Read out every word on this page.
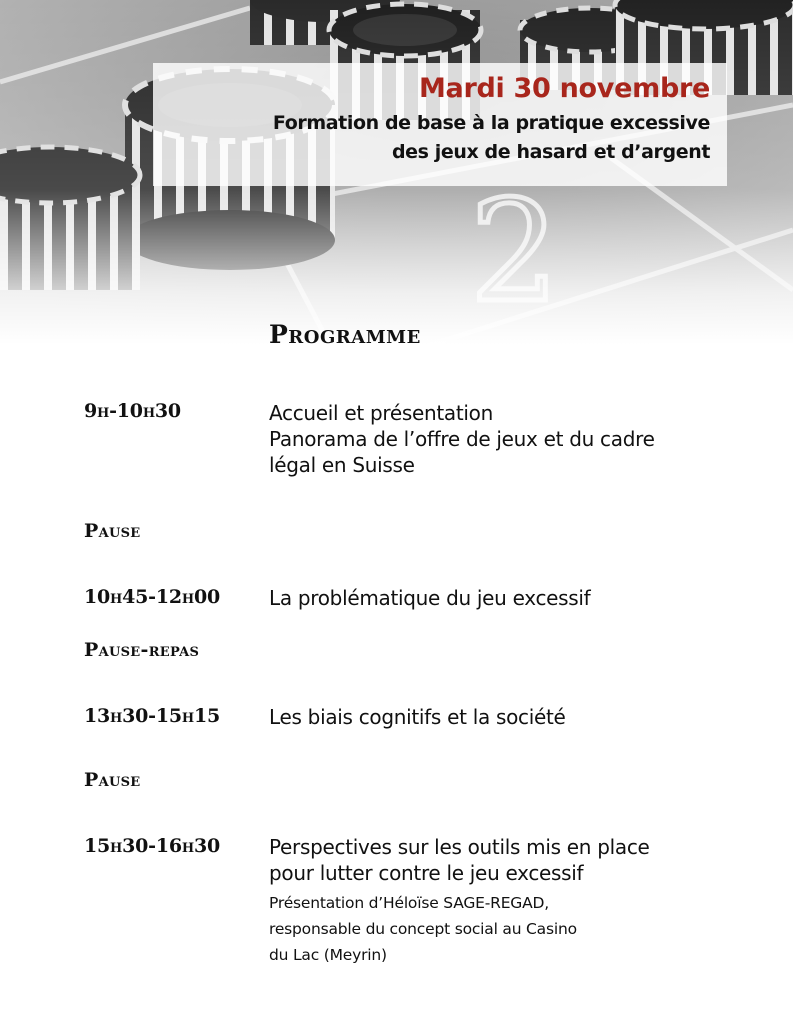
Mardi 30 novembre
Formation de base à la pratique excessive
des jeux de hasard et d’argent
Programme
9h-10h30	Accueil et présentation
Panorama de l’offre de jeux et du cadre
légal en Suisse
Pause
10h45-12h00 La problématique du jeu excessif
Pause-repas
13h30-15h15 Les biais cognitifs et la société
Pause
15h30-16h30 Perspectives sur les outils mis en place
pour lutter contre le jeu excessif
Présentation d’Héloïse SAGE-REGAD,
responsable du concept social au Casino
du Lac (Meyrin)
